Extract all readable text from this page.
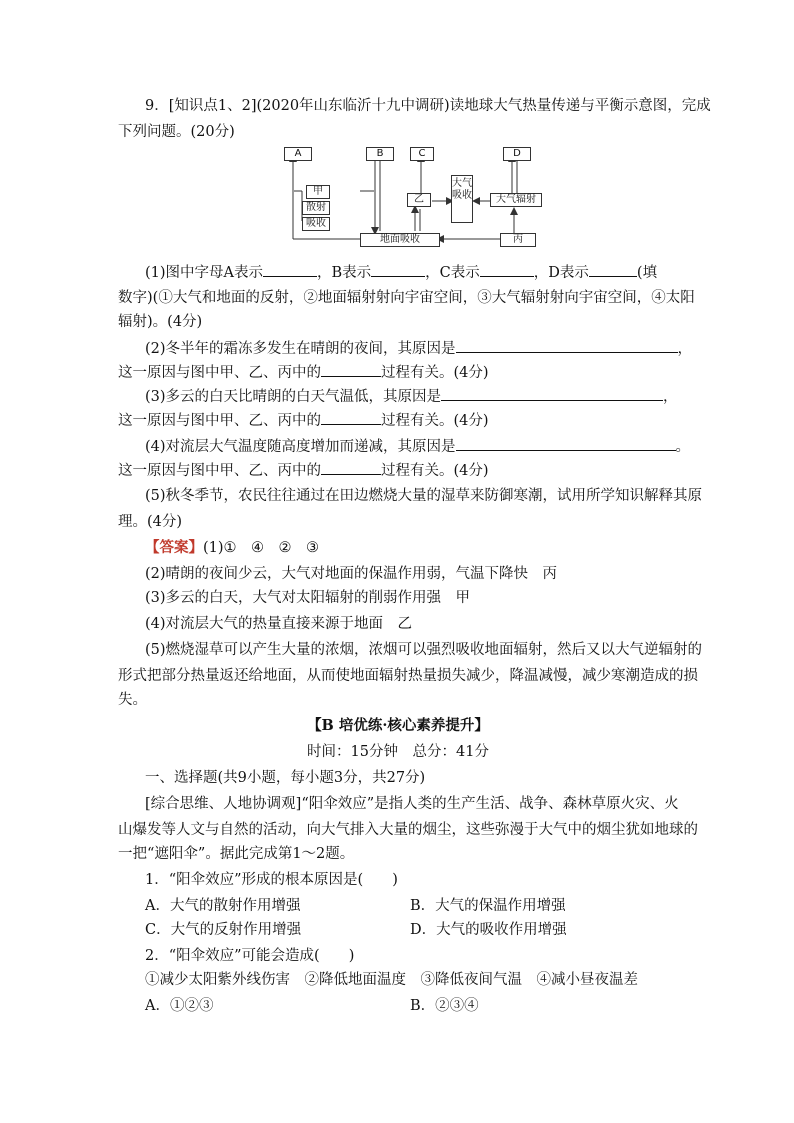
9．[知识点1、2](2020年山东临沂十九中调研)读地球大气热量传递与平衡示意图，完成
下列问题。(20分)
A	B	C	D
甲
散射
吸收
乙
大气吸收	大气辐射
地面吸收	丙
(1)图中字母A表示	，B表示	，C表示	，D表示	(填
数字)(①大气和地面的反射，②地面辐射射向宇宙空间，③大气辐射射向宇宙空间，④太阳
辐射)。(4分)
(2)冬半年的霜冻多发生在晴朗的夜间，其原因是	，
这一原因与图中甲、乙、丙中的	过程有关。(4分)
(3)多云的白天比晴朗的白天气温低，其原因是	，
这一原因与图中甲、乙、丙中的	过程有关。(4分)
(4)对流层大气温度随高度增加而递减，其原因是	。
这一原因与图中甲、乙、丙中的	过程有关。(4分)
(5)秋冬季节，农民往往通过在田边燃烧大量的湿草来防御寒潮，试用所学知识解释其原
理。(4分)
【答案】(1)①　④　②　③
(2)晴朗的夜间少云，大气对地面的保温作用弱，气温下降快　丙
(3)多云的白天，大气对太阳辐射的削弱作用强　甲
(4)对流层大气的热量直接来源于地面　乙
(5)燃烧湿草可以产生大量的浓烟，浓烟可以强烈吸收地面辐射，然后又以大气逆辐射的
形式把部分热量返还给地面，从而使地面辐射热量损失减少，降温减慢，减少寒潮造成的损
失。
【B 培优练·核心素养提升】
时间：15分钟　总分：41分
一、选择题(共9小题，每小题3分，共27分)
[综合思维、人地协调观]“阳伞效应”是指人类的生产生活、战争、森林草原火灾、火
山爆发等人文与自然的活动，向大气排入大量的烟尘，这些弥漫于大气中的烟尘犹如地球的
一把“遮阳伞”。据此完成第1～2题。
1．“阳伞效应”形成的根本原因是(　　)
A．大气的散射作用增强	B．大气的保温作用增强
C．大气的反射作用增强	D．大气的吸收作用增强
2．“阳伞效应”可能会造成(　　)
①减少太阳紫外线伤害　②降低地面温度　③降低夜间气温　④减小昼夜温差
A．①②③	B．②③④
